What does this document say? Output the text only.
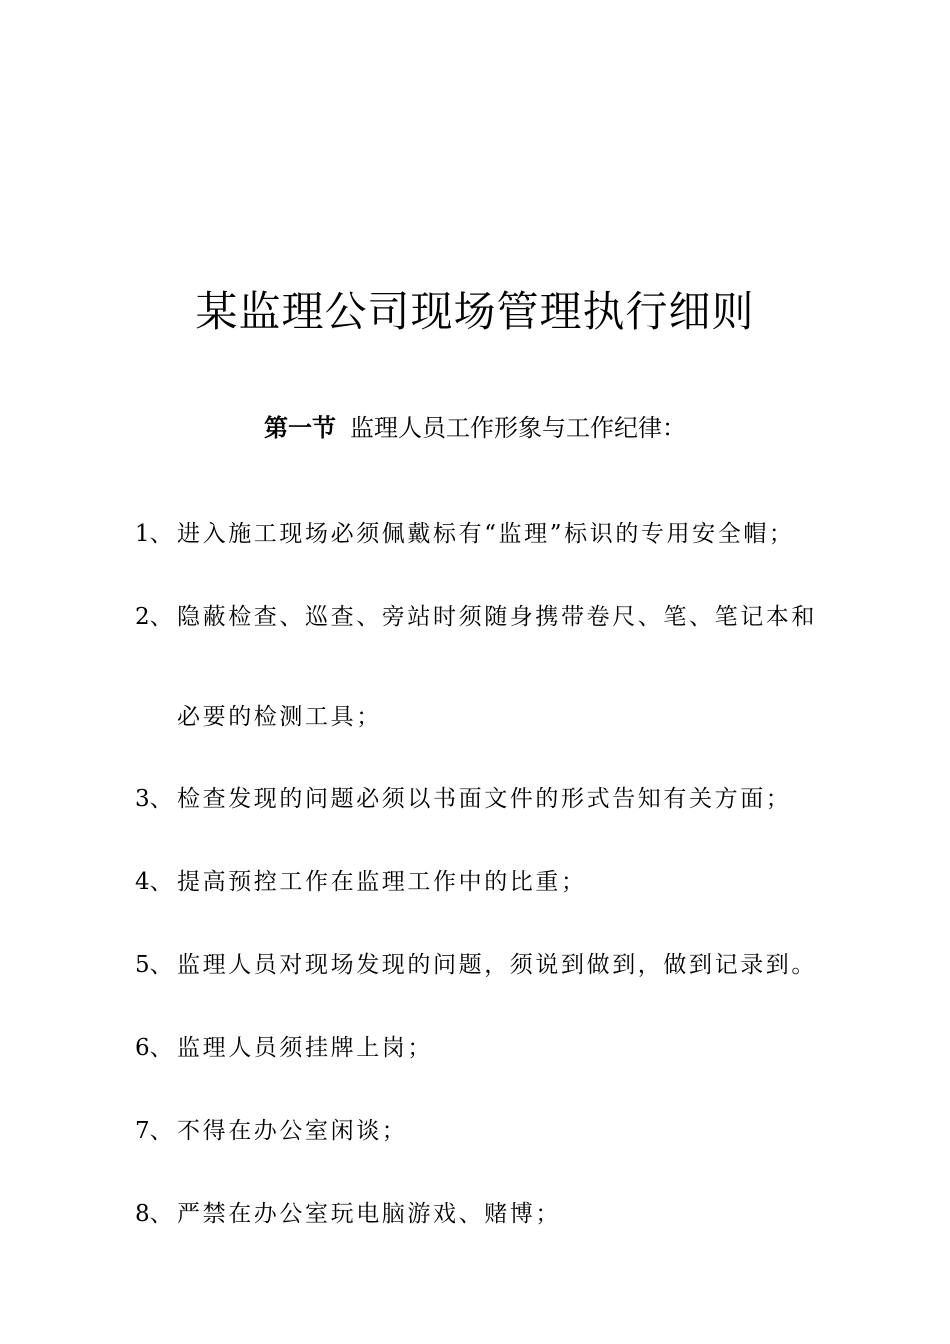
某监理公司现场管理执行细则
第一节 监理人员工作形象与工作纪律：
1、 进入施工现场必须佩戴标有“监理”标识的专用安全帽；
2、 隐蔽检查、巡查、旁站时须随身携带卷尺、笔、笔记本和
必要的检测工具；
3、 检查发现的问题必须以书面文件的形式告知有关方面；
4、 提高预控工作在监理工作中的比重；
5、 监理人员对现场发现的问题，须说到做到，做到记录到。
6、 监理人员须挂牌上岗；
7、 不得在办公室闲谈；
8、 严禁在办公室玩电脑游戏、赌博；
